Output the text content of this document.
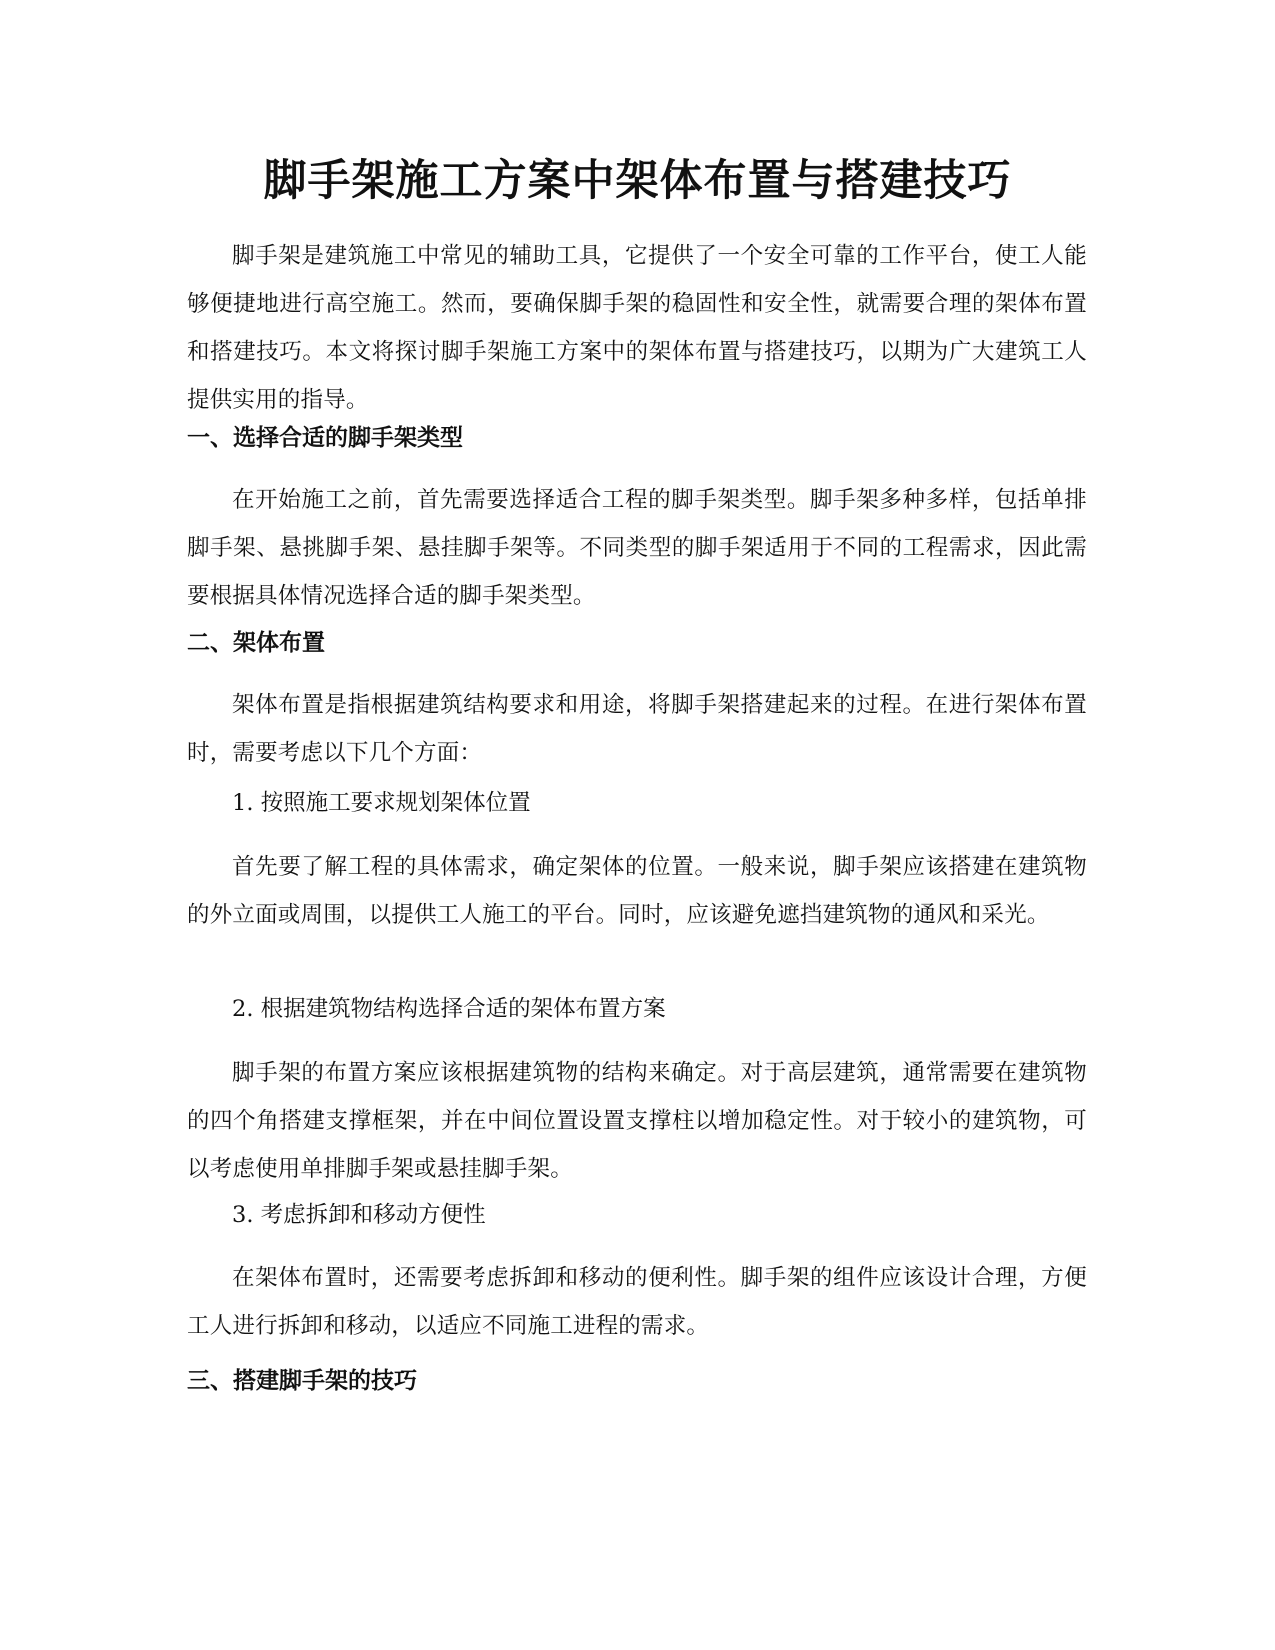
脚手架施工方案中架体布置与搭建技巧

脚手架是建筑施工中常见的辅助工具，它提供了一个安全可靠的工作平台，使工人能够便捷地进行高空施工。然而，要确保脚手架的稳固性和安全性，就需要合理的架体布置和搭建技巧。本文将探讨脚手架施工方案中的架体布置与搭建技巧，以期为广大建筑工人提供实用的指导。

一、选择合适的脚手架类型

在开始施工之前，首先需要选择适合工程的脚手架类型。脚手架多种多样，包括单排脚手架、悬挑脚手架、悬挂脚手架等。不同类型的脚手架适用于不同的工程需求，因此需要根据具体情况选择合适的脚手架类型。

二、架体布置

架体布置是指根据建筑结构要求和用途，将脚手架搭建起来的过程。在进行架体布置时，需要考虑以下几个方面：

1. 按照施工要求规划架体位置

首先要了解工程的具体需求，确定架体的位置。一般来说，脚手架应该搭建在建筑物的外立面或周围，以提供工人施工的平台。同时，应该避免遮挡建筑物的通风和采光。

2. 根据建筑物结构选择合适的架体布置方案

脚手架的布置方案应该根据建筑物的结构来确定。对于高层建筑，通常需要在建筑物的四个角搭建支撑框架，并在中间位置设置支撑柱以增加稳定性。对于较小的建筑物，可以考虑使用单排脚手架或悬挂脚手架。

3. 考虑拆卸和移动方便性

在架体布置时，还需要考虑拆卸和移动的便利性。脚手架的组件应该设计合理，方便工人进行拆卸和移动，以适应不同施工进程的需求。

三、搭建脚手架的技巧
